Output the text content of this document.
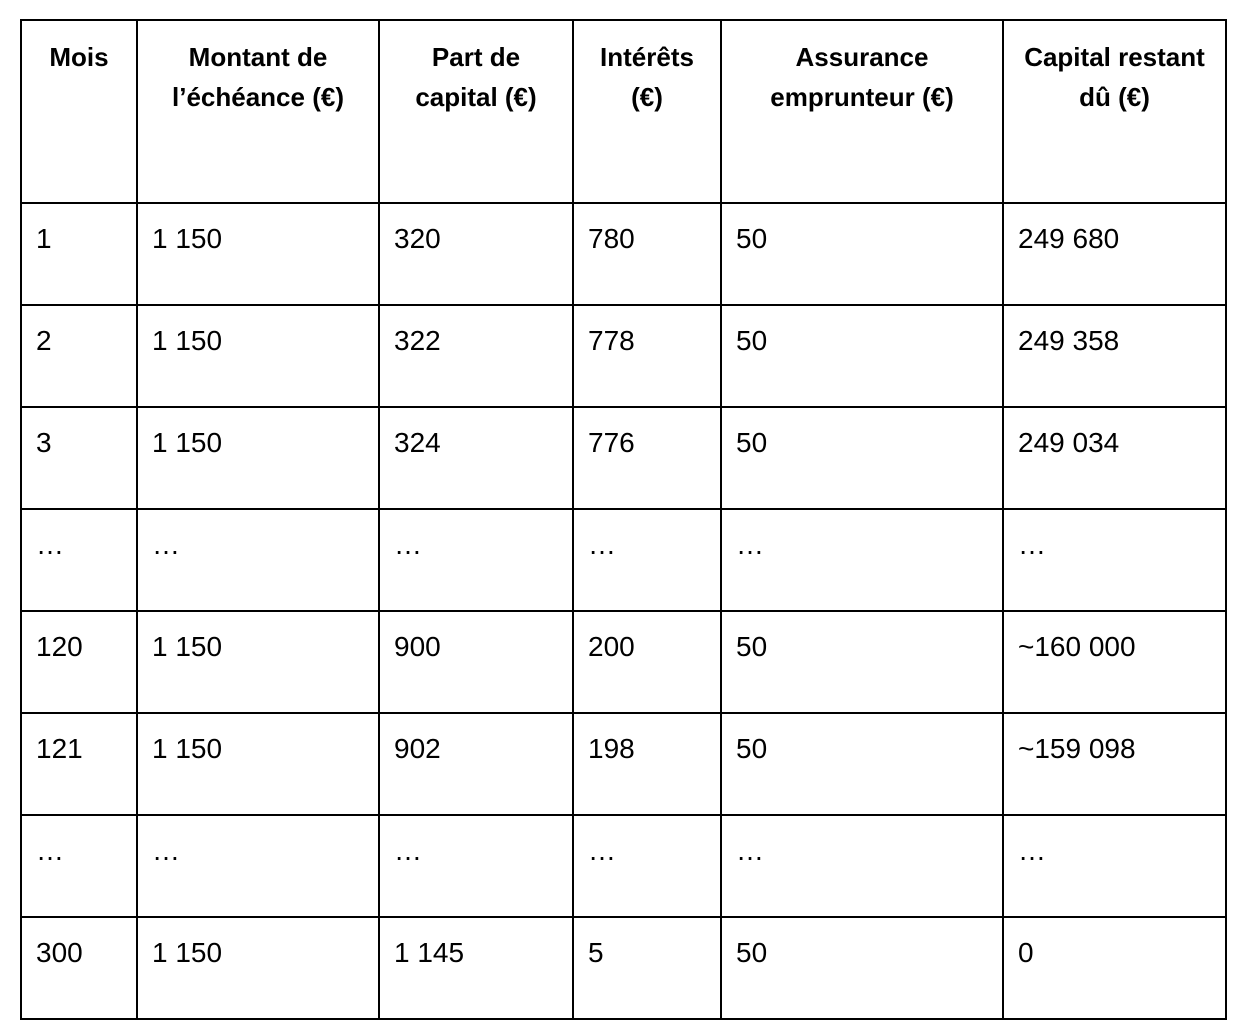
Mois	Montant de l’échéance (€)	Part de capital (€)	Intérêts (€)	Assurance emprunteur (€)	Capital restant dû (€)
1	1 150	320	780	50	249 680
2	1 150	322	778	50	249 358
3	1 150	324	776	50	249 034
…	…	…	…	…	…
120	1 150	900	200	50	~160 000
121	1 150	902	198	50	~159 098
…	…	…	…	…	…
300	1 150	1 145	5	50	0
